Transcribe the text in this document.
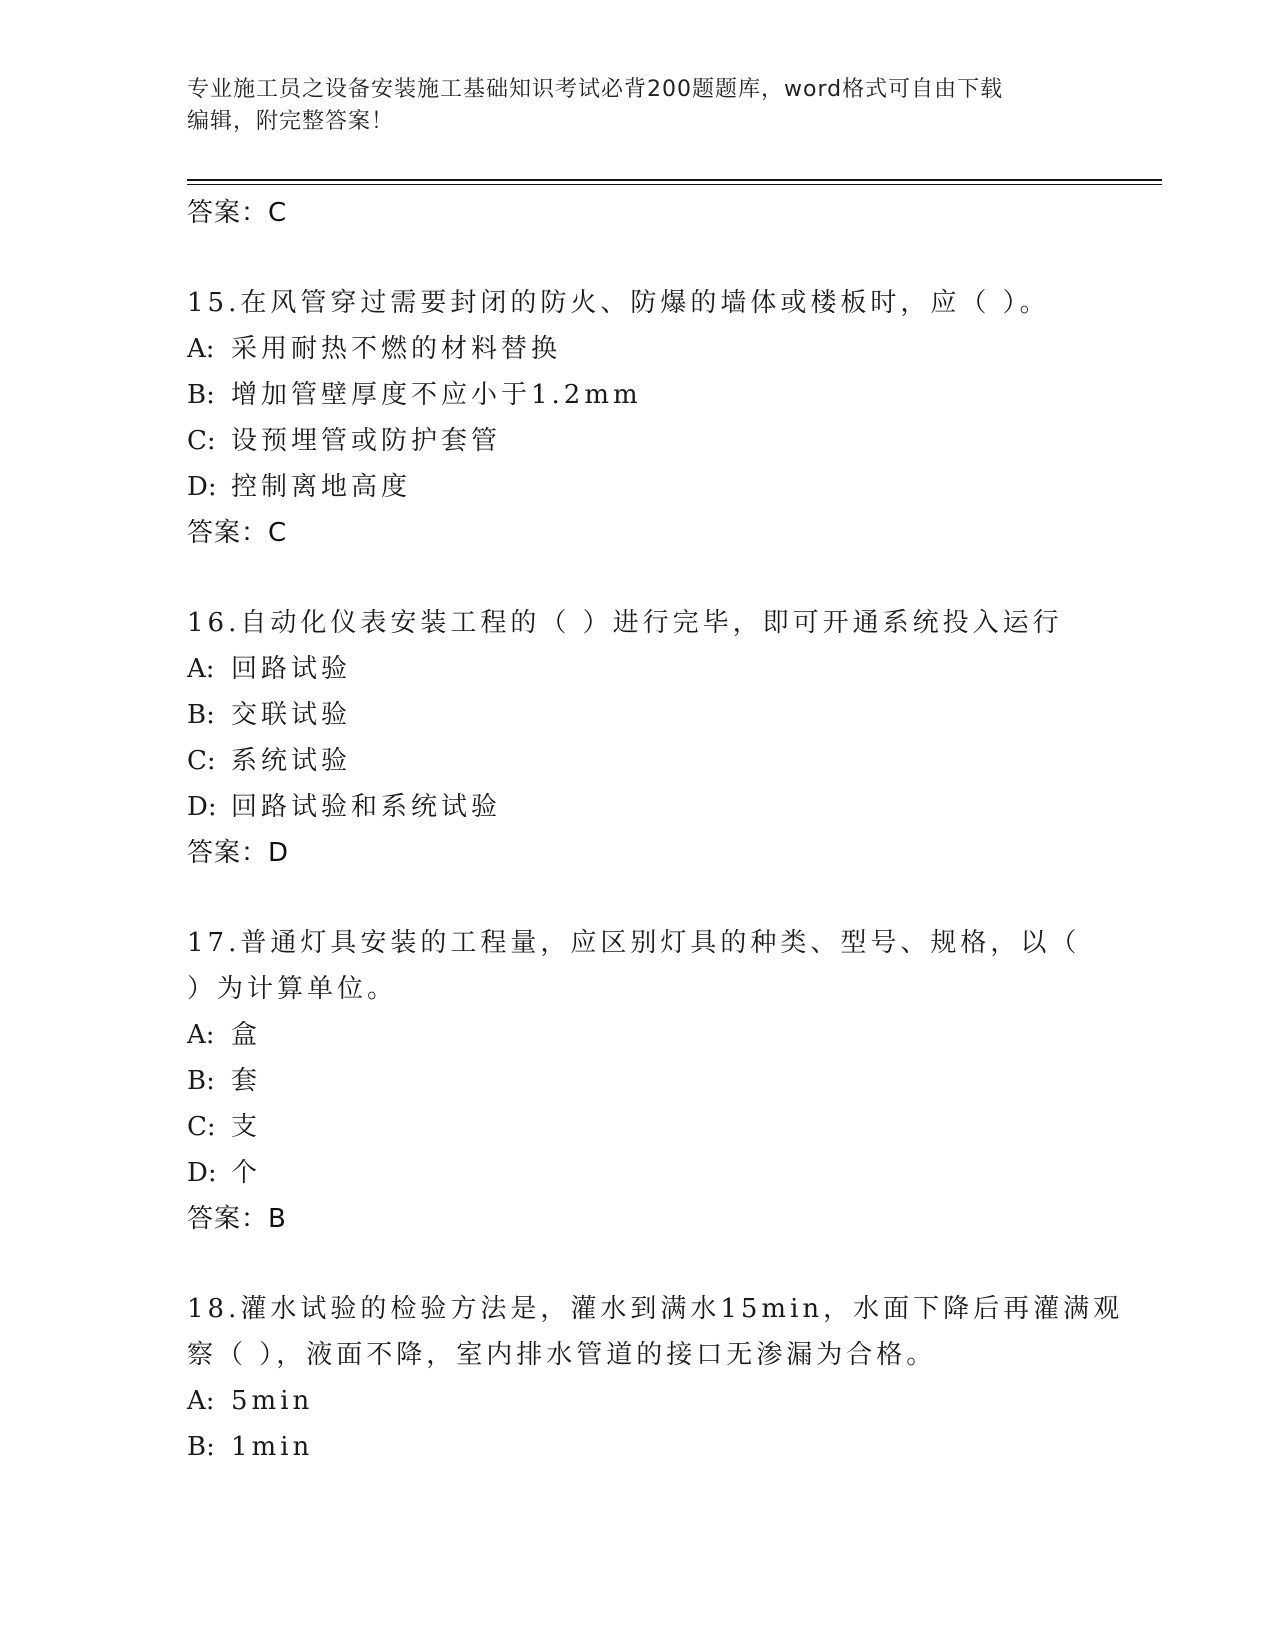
专业施工员之设备安装施工基础知识考试必背200题题库，word格式可自由下载
编辑，附完整答案！
答案：C
15.在风管穿过需要封闭的防火、防爆的墙体或楼板时，应（ ）。
A: 采用耐热不燃的材料替换
B: 增加管壁厚度不应小于1.2mm
C: 设预埋管或防护套管
D: 控制离地高度
答案：C
16.自动化仪表安装工程的（ ）进行完毕，即可开通系统投入运行
A: 回路试验
B: 交联试验
C: 系统试验
D: 回路试验和系统试验
答案：D
17.普通灯具安装的工程量，应区别灯具的种类、型号、规格，以（
）为计算单位。
A: 盒
B: 套
C: 支
D: 个
答案：B
18.灌水试验的检验方法是，灌水到满水15min，水面下降后再灌满观
察（ ），液面不降，室内排水管道的接口无渗漏为合格。
A: 5min
B: 1min
